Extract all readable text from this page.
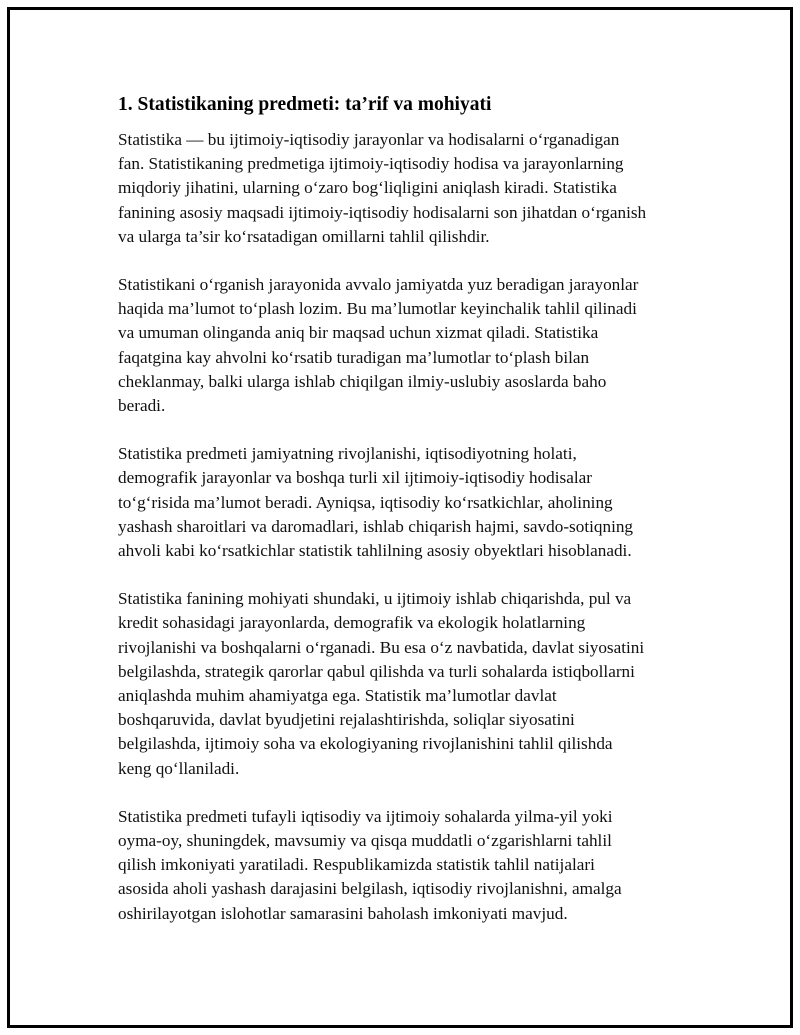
1. Statistikaning predmeti: ta’rif va mohiyati
Statistika — bu ijtimoiy-iqtisodiy jarayonlar va hodisalarni o‘rganadigan
fan. Statistikaning predmetiga ijtimoiy-iqtisodiy hodisa va jarayonlarning
miqdoriy jihatini, ularning o‘zaro bog‘liqligini aniqlash kiradi. Statistika
fanining asosiy maqsadi ijtimoiy-iqtisodiy hodisalarni son jihatdan o‘rganish
va ularga ta’sir ko‘rsatadigan omillarni tahlil qilishdir.
Statistikani o‘rganish jarayonida avvalo jamiyatda yuz beradigan jarayonlar
haqida ma’lumot to‘plash lozim. Bu ma’lumotlar keyinchalik tahlil qilinadi
va umuman olinganda aniq bir maqsad uchun xizmat qiladi. Statistika
faqatgina kay ahvolni ko‘rsatib turadigan ma’lumotlar to‘plash bilan
cheklanmay, balki ularga ishlab chiqilgan ilmiy-uslubiy asoslarda baho
beradi.
Statistika predmeti jamiyatning rivojlanishi, iqtisodiyotning holati,
demografik jarayonlar va boshqa turli xil ijtimoiy-iqtisodiy hodisalar
to‘g‘risida ma’lumot beradi. Ayniqsa, iqtisodiy ko‘rsatkichlar, aholining
yashash sharoitlari va daromadlari, ishlab chiqarish hajmi, savdo-sotiqning
ahvoli kabi ko‘rsatkichlar statistik tahlilning asosiy obyektlari hisoblanadi.
Statistika fanining mohiyati shundaki, u ijtimoiy ishlab chiqarishda, pul va
kredit sohasidagi jarayonlarda, demografik va ekologik holatlarning
rivojlanishi va boshqalarni o‘rganadi. Bu esa o‘z navbatida, davlat siyosatini
belgilashda, strategik qarorlar qabul qilishda va turli sohalarda istiqbollarni
aniqlashda muhim ahamiyatga ega. Statistik ma’lumotlar davlat
boshqaruvida, davlat byudjetini rejalashtirishda, soliqlar siyosatini
belgilashda, ijtimoiy soha va ekologiyaning rivojlanishini tahlil qilishda
keng qo‘llaniladi.
Statistika predmeti tufayli iqtisodiy va ijtimoiy sohalarda yilma-yil yoki
oyma-oy, shuningdek, mavsumiy va qisqa muddatli o‘zgarishlarni tahlil
qilish imkoniyati yaratiladi. Respublikamizda statistik tahlil natijalari
asosida aholi yashash darajasini belgilash, iqtisodiy rivojlanishni, amalga
oshirilayotgan islohotlar samarasini baholash imkoniyati mavjud.
